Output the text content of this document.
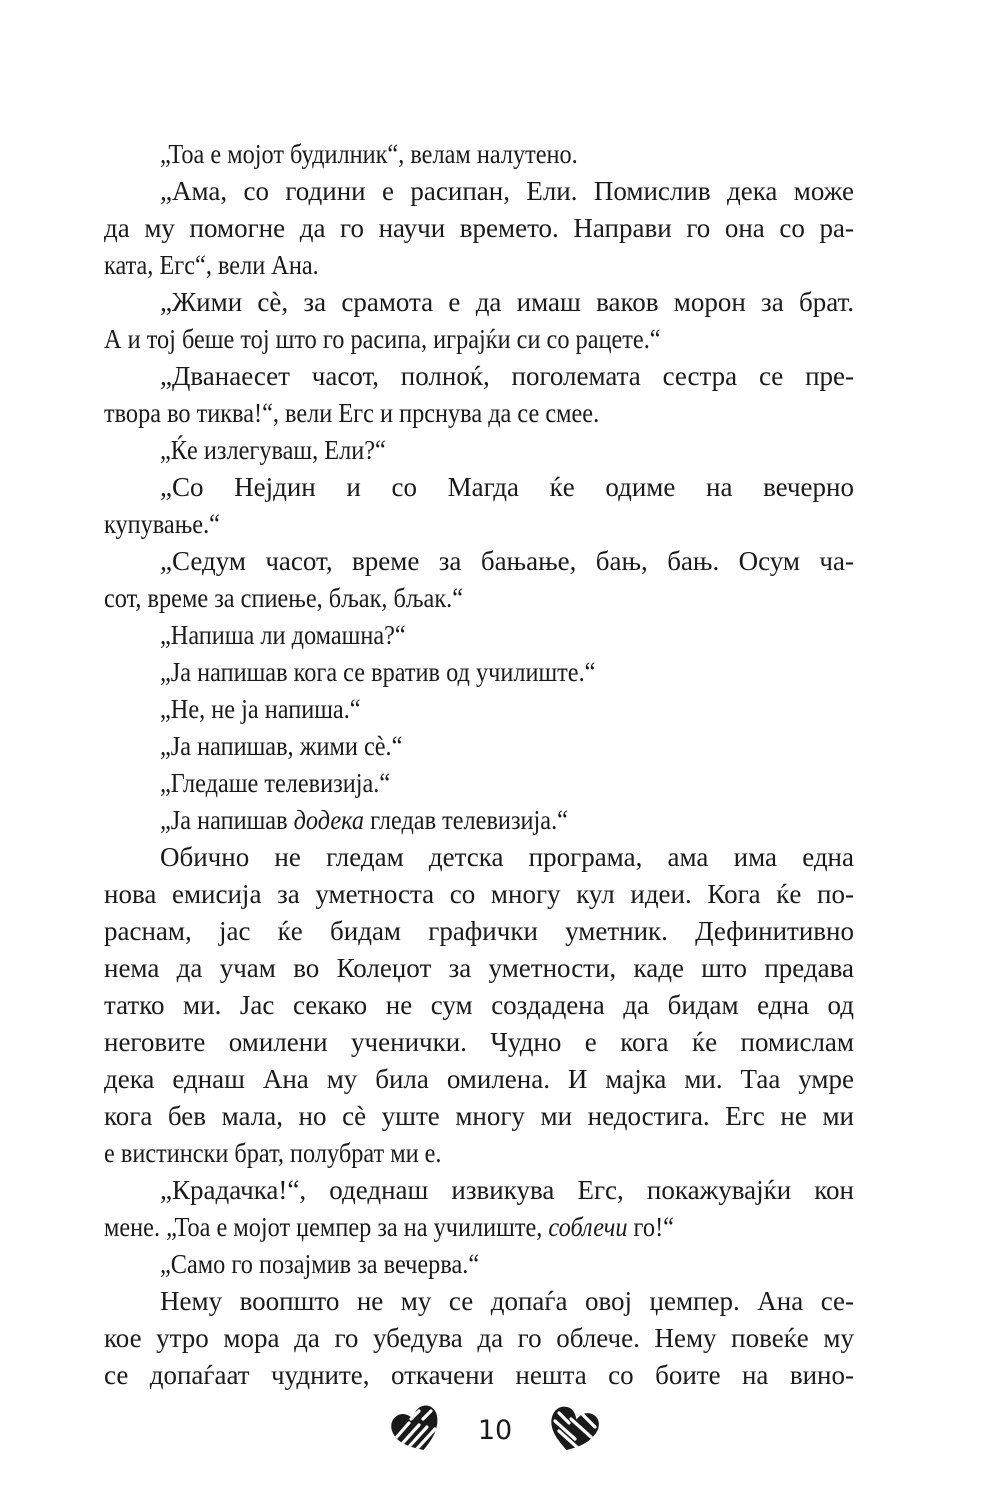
„Тоа е мојот будилник“, велам налутено.
„Ама, со години е расипан, Ели. Помислив дека може
да му помогне да го научи времето. Направи го она со ра-
ката, Егс“, вели Ана.
„Жими сѐ, за срамота е да имаш ваков морон за брат.
А и тој беше тој што го расипа, играјќи си со рацете.“
„Дванаесет часот, полноќ, поголемата сестра се пре-
твора во тиква!“, вели Егс и прснува да се смее.
„Ќе излегуваш, Ели?“
„Со Нејдин и со Магда ќе одиме на вечерно
купување.“
„Седум часот, време за бањање, бањ, бањ. Осум ча-
сот, време за спиење, бљак, бљак.“
„Напиша ли домашна?“
„Ја напишав кога се вратив од училиште.“
„Не, не ја напиша.“
„Ја напишав, жими сѐ.“
„Гледаше телевизија.“
„Ја напишав додека гледав телевизија.“
Обично не гледам детска програма, ама има една
нова емисија за уметноста со многу кул идеи. Кога ќе по-
раснам, јас ќе бидам графички уметник. Дефинитивно
нема да учам во Колеџот за уметности, каде што предава
татко ми. Јас секако не сум создадена да бидам една од
неговите омилени ученички. Чудно е кога ќе помислам
дека еднаш Ана му била омилена. И мајка ми. Таа умре
кога бев мала, но сѐ уште многу ми недостига. Егс не ми
е вистински брат, полубрат ми е.
„Крадачка!“, одеднаш извикува Егс, покажувајќи кон
мене. „Тоа е мојот џемпер за на училиште, соблечи го!“
„Само го позајмив за вечерва.“
Нему воопшто не му се допаѓа овој џемпер. Ана се-
кое утро мора да го убедува да го облече. Нему повеќе му
се допаѓаат чудните, откачени нешта со боите на вино-
10
